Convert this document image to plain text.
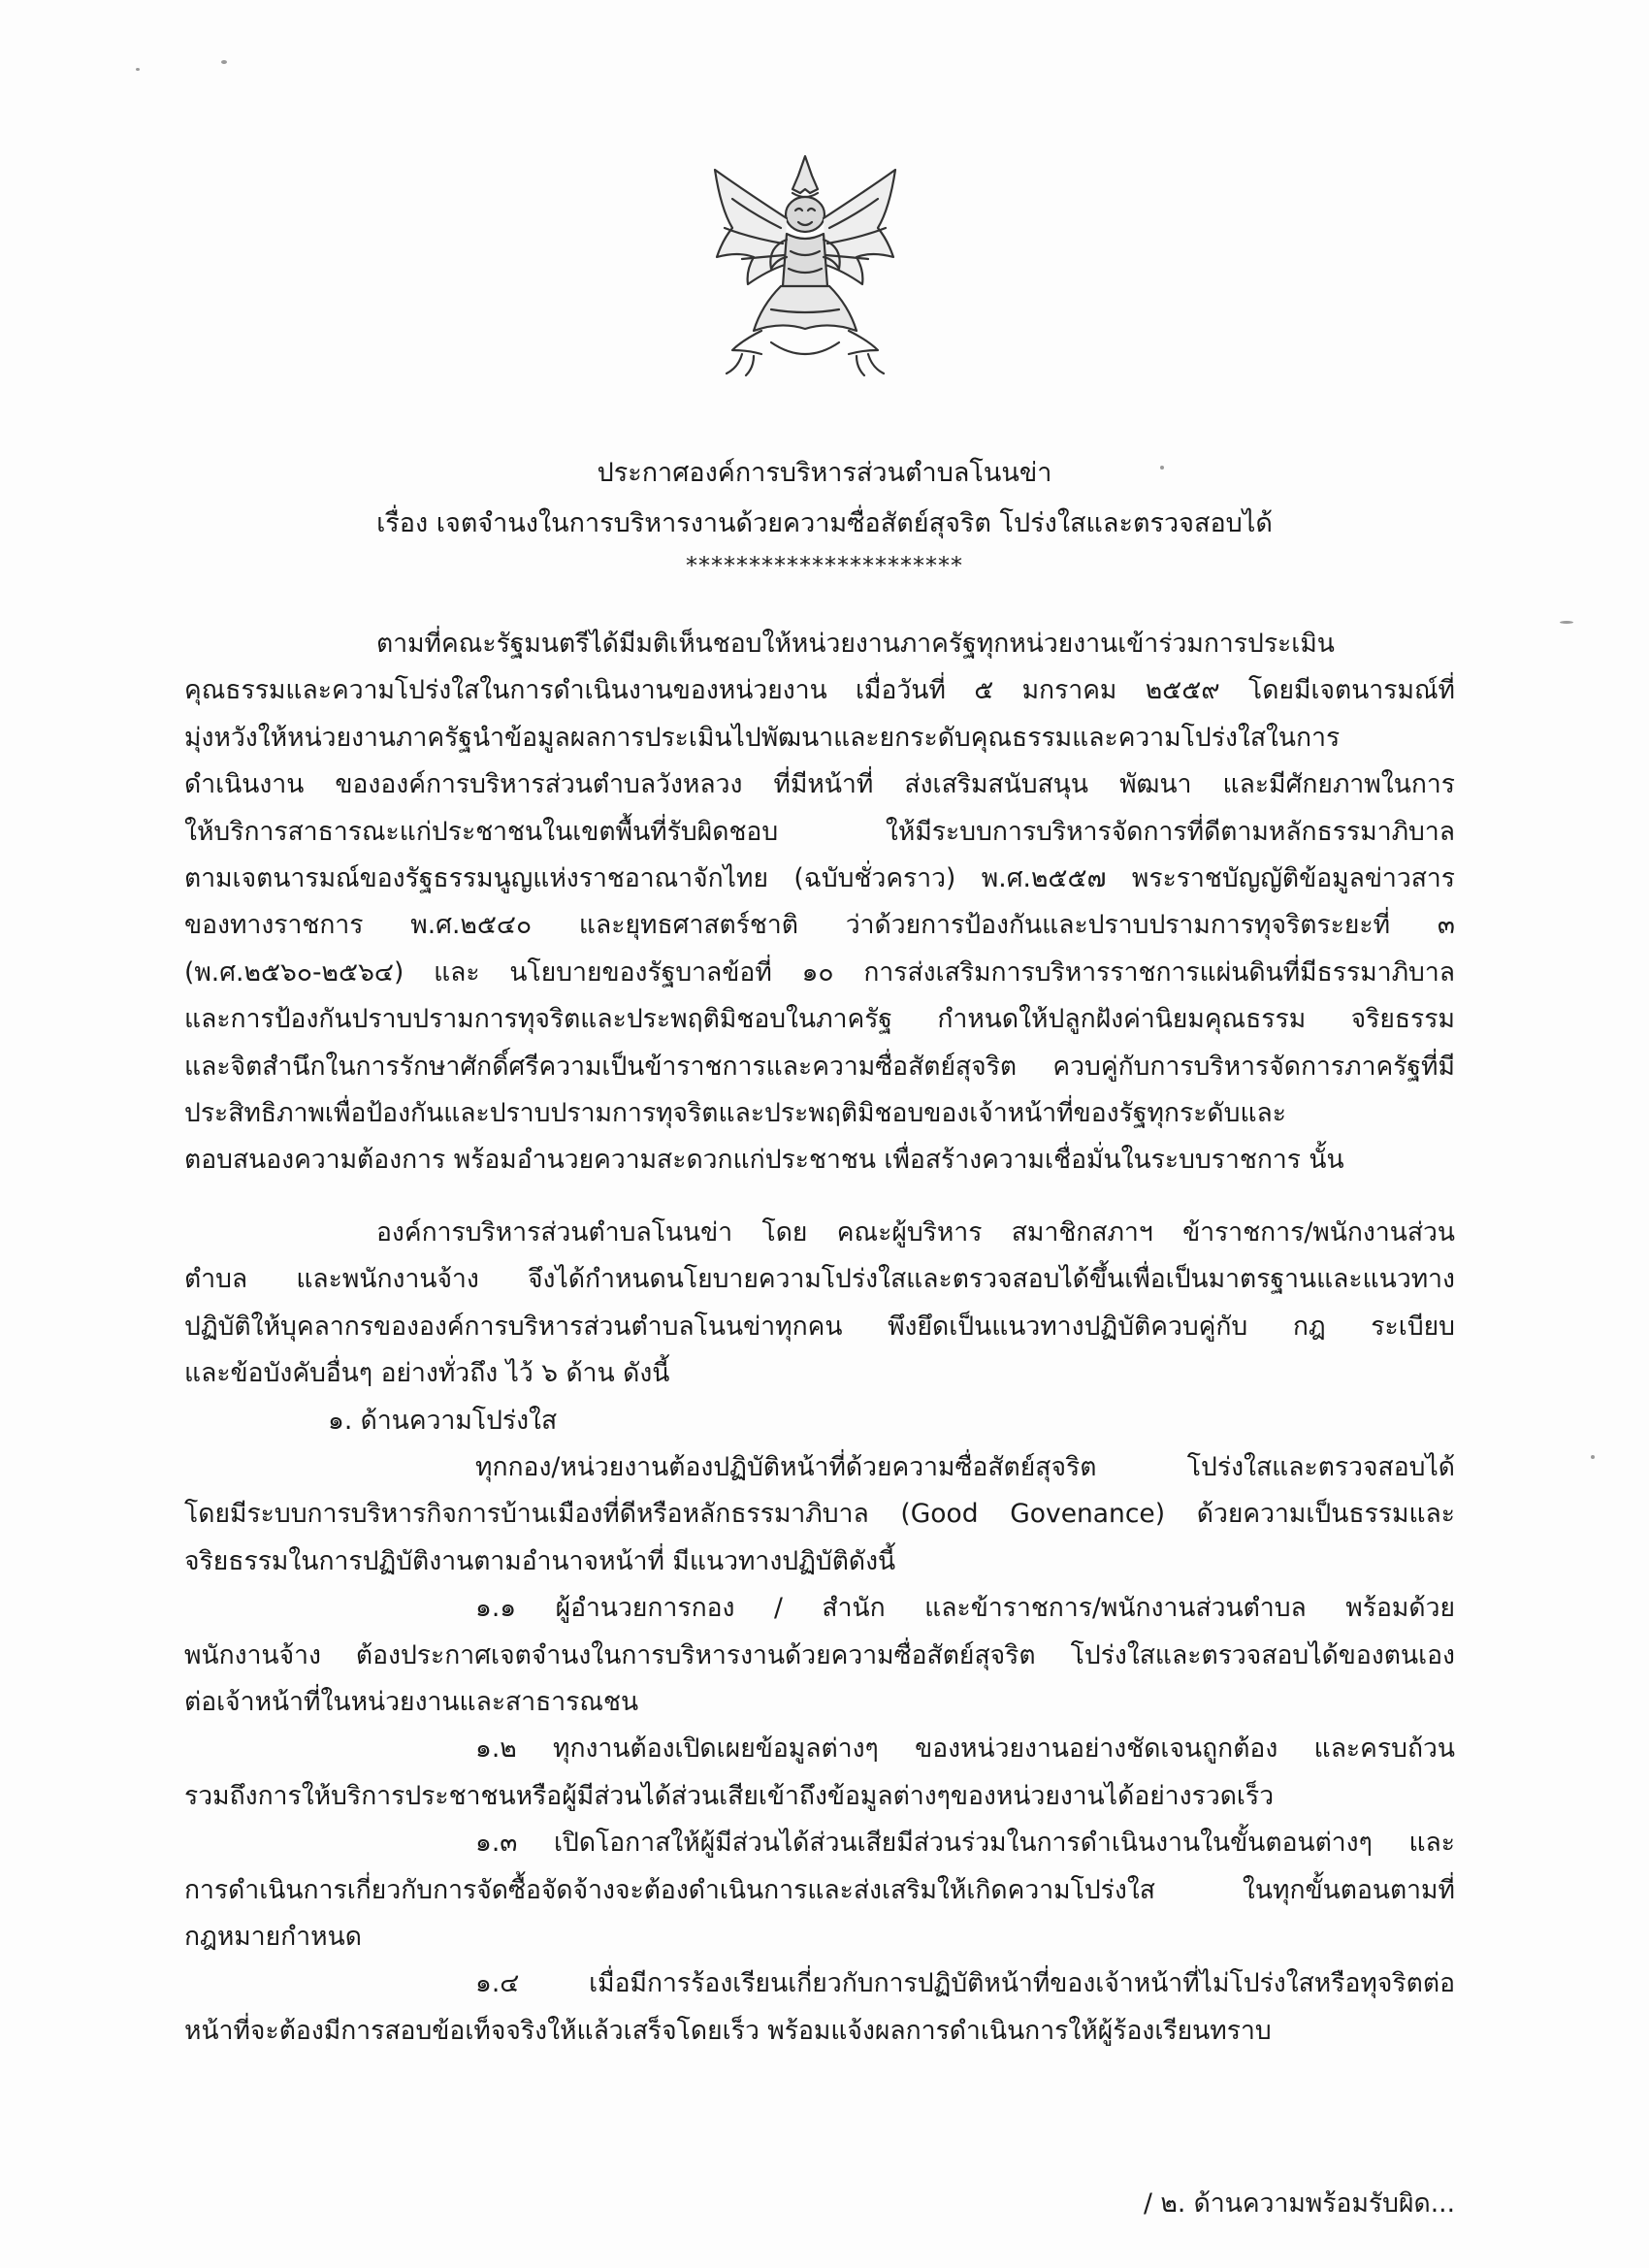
ประกาศองค์การบริหารส่วนตำบลโนนข่า
เรื่อง เจตจำนงในการบริหารงานด้วยความซื่อสัตย์สุจริต โปร่งใสและตรวจสอบได้
**********************
ตามที่คณะรัฐมนตรีได้มีมติเห็นชอบให้หน่วยงานภาครัฐทุกหน่วยงานเข้าร่วมการประเมิน
คุณธรรมและความโปร่งใสในการดำเนินงานของหน่วยงาน เมื่อวันที่ ๕ มกราคม ๒๕๕๙ โดยมีเจตนารมณ์ที่
มุ่งหวังให้หน่วยงานภาครัฐนำข้อมูลผลการประเมินไปพัฒนาและยกระดับคุณธรรมและความโปร่งใสในการ
ดำเนินงาน ขององค์การบริหารส่วนตำบลวังหลวง ที่มีหน้าที่ ส่งเสริมสนับสนุน พัฒนา และมีศักยภาพในการ
ให้บริการสาธารณะแก่ประชาชนในเขตพื้นที่รับผิดชอบ ให้มีระบบการบริหารจัดการที่ดีตามหลักธรรมาภิบาล
ตามเจตนารมณ์ของรัฐธรรมนูญแห่งราชอาณาจักไทย (ฉบับชั่วคราว) พ.ศ.๒๕๕๗ พระราชบัญญัติข้อมูลข่าวสาร
ของทางราชการ พ.ศ.๒๕๔๐ และยุทธศาสตร์ชาติ ว่าด้วยการป้องกันและปราบปรามการทุจริตระยะที่ ๓
(พ.ศ.๒๕๖๐-๒๕๖๔) และ นโยบายของรัฐบาลข้อที่ ๑๐ การส่งเสริมการบริหารราชการแผ่นดินที่มีธรรมาภิบาล
และการป้องกันปราบปรามการทุจริตและประพฤติมิชอบในภาครัฐ กำหนดให้ปลูกฝังค่านิยมคุณธรรม จริยธรรม
และจิตสำนึกในการรักษาศักดิ์ศรีความเป็นข้าราชการและความซื่อสัตย์สุจริต ควบคู่กับการบริหารจัดการภาครัฐที่มี
ประสิทธิภาพเพื่อป้องกันและปราบปรามการทุจริตและประพฤติมิชอบของเจ้าหน้าที่ของรัฐทุกระดับและ
ตอบสนองความต้องการ พร้อมอำนวยความสะดวกแก่ประชาชน เพื่อสร้างความเชื่อมั่นในระบบราชการ นั้น
องค์การบริหารส่วนตำบลโนนข่า โดย คณะผู้บริหาร สมาชิกสภาฯ ข้าราชการ/พนักงานส่วน
ตำบล และพนักงานจ้าง จึงได้กำหนดนโยบายความโปร่งใสและตรวจสอบได้ขึ้นเพื่อเป็นมาตรฐานและแนวทาง
ปฏิบัติให้บุคลากรขององค์การบริหารส่วนตำบลโนนข่าทุกคน พึงยึดเป็นแนวทางปฏิบัติควบคู่กับ กฎ ระเบียบ
และข้อบังคับอื่นๆ อย่างทั่วถึง ไว้ ๖ ด้าน ดังนี้
๑. ด้านความโปร่งใส
ทุกกอง/หน่วยงานต้องปฏิบัติหน้าที่ด้วยความซื่อสัตย์สุจริต โปร่งใสและตรวจสอบได้
โดยมีระบบการบริหารกิจการบ้านเมืองที่ดีหรือหลักธรรมาภิบาล (Good Govenance) ด้วยความเป็นธรรมและ
จริยธรรมในการปฏิบัติงานตามอำนาจหน้าที่ มีแนวทางปฏิบัติดังนี้
๑.๑ ผู้อำนวยการกอง / สำนัก และข้าราชการ/พนักงานส่วนตำบล พร้อมด้วย
พนักงานจ้าง ต้องประกาศเจตจำนงในการบริหารงานด้วยความซื่อสัตย์สุจริต โปร่งใสและตรวจสอบได้ของตนเอง
ต่อเจ้าหน้าที่ในหน่วยงานและสาธารณชน
๑.๒ ทุกงานต้องเปิดเผยข้อมูลต่างๆ ของหน่วยงานอย่างชัดเจนถูกต้อง และครบถ้วน
รวมถึงการให้บริการประชาชนหรือผู้มีส่วนได้ส่วนเสียเข้าถึงข้อมูลต่างๆของหน่วยงานได้อย่างรวดเร็ว
๑.๓ เปิดโอกาสให้ผู้มีส่วนได้ส่วนเสียมีส่วนร่วมในการดำเนินงานในขั้นตอนต่างๆ และ
การดำเนินการเกี่ยวกับการจัดซื้อจัดจ้างจะต้องดำเนินการและส่งเสริมให้เกิดความโปร่งใส ในทุกขั้นตอนตามที่
กฎหมายกำหนด
๑.๔ เมื่อมีการร้องเรียนเกี่ยวกับการปฏิบัติหน้าที่ของเจ้าหน้าที่ไม่โปร่งใสหรือทุจริตต่อ
หน้าที่จะต้องมีการสอบข้อเท็จจริงให้แล้วเสร็จโดยเร็ว พร้อมแจ้งผลการดำเนินการให้ผู้ร้องเรียนทราบ
/ ๒. ด้านความพร้อมรับผิด...
